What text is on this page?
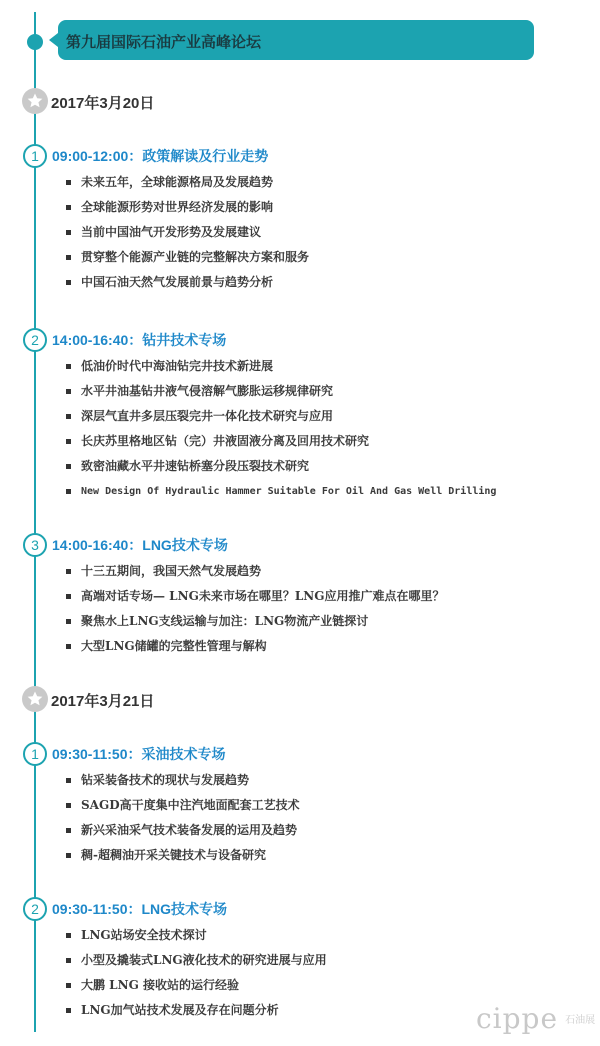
第九届国际石油产业高峰论坛
2017年3月20日
1 09:00-12:00：政策解读及行业走势
未来五年，全球能源格局及发展趋势
全球能源形势对世界经济发展的影响
当前中国油气开发形势及发展建议
贯穿整个能源产业链的完整解决方案和服务
中国石油天然气发展前景与趋势分析
2 14:00-16:40：钻井技术专场
低油价时代中海油钻完井技术新进展
水平井油基钻井液气侵溶解气膨胀运移规律研究
深层气直井多层压裂完井一体化技术研究与应用
长庆苏里格地区钻（完）井液固液分离及回用技术研究
致密油藏水平井速钻桥塞分段压裂技术研究
New Design Of Hydraulic Hammer Suitable For Oil And Gas Well Drilling
3 14:00-16:40：LNG技术专场
十三五期间，我国天然气发展趋势
高端对话专场— LNG未来市场在哪里？LNG应用推广难点在哪里？
聚焦水上LNG支线运输与加注：LNG物流产业链探讨
大型LNG储罐的完整性管理与解构
2017年3月21日
1 09:30-11:50：采油技术专场
钻采装备技术的现状与发展趋势
SAGD高干度集中注汽地面配套工艺技术
新兴采油采气技术装备发展的运用及趋势
稠-超稠油开采关键技术与设备研究
2 09:30-11:50：LNG技术专场
LNG站场安全技术探讨
小型及撬装式LNG液化技术的研究进展与应用
大鹏 LNG 接收站的运行经验
LNG加气站技术发展及存在问题分析	cippe 石油展
